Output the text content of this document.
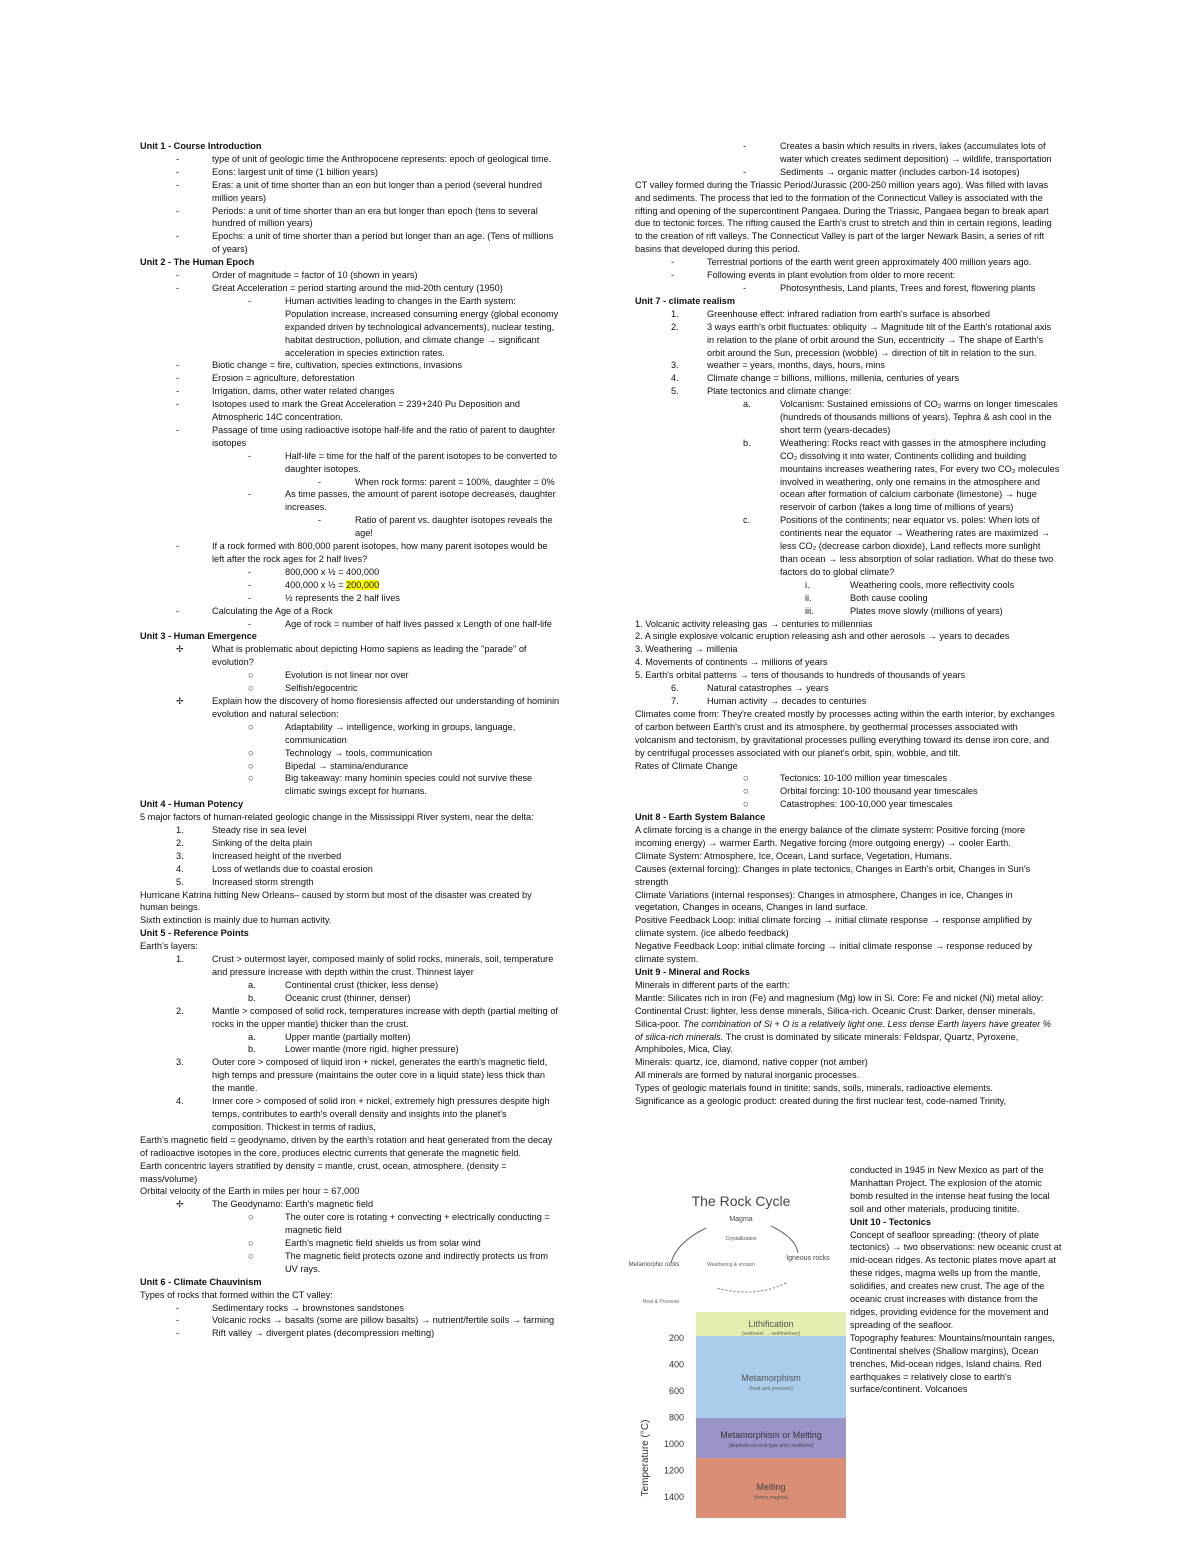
Unit 1 - Course Introduction
-	type of unit of geologic time the Anthropocene represents: epoch of geological time.
-	Eons: largest unit of time (1 billion years)
-	Eras: a unit of time shorter than an eon but longer than a period (several hundred million years)
-	Periods: a unit of time shorter than an era but longer than epoch (tens to several hundred of million years)
-	Epochs: a unit of time shorter than a period but longer than an age. (Tens of millions of years)
Unit 2 - The Human Epoch
-	Order of magnitude = factor of 10 (shown in years)
-	Great Acceleration = period starting around the mid-20th century (1950)
-	Human activities leading to changes in the Earth system: Population increase, increased consuming energy (global economy expanded driven by technological advancements), nuclear testing, habitat destruction, pollution, and climate change → significant acceleration in species extinction rates.
-	Biotic change = fire, cultivation, species extinctions, invasions
-	Erosion = agriculture, deforestation
-	Irrigation, dams, other water related changes
-	Isotopes used to mark the Great Acceleration = 239+240 Pu Deposition and Atmospheric 14C concentration.
-	Passage of time using radioactive isotope half-life and the ratio of parent to daughter isotopes
-	Half-life = time for the half of the parent isotopes to be converted to daughter isotopes.
-	When rock forms: parent = 100%, daughter = 0%
-	As time passes, the amount of parent isotope decreases, daughter increases.
-	Ratio of parent vs. daughter isotopes reveals the age!
-	If a rock formed with 800,000 parent isotopes, how many parent isotopes would be left after the rock ages for 2 half lives?
-	800,000 x ½ = 400,000
-	400,000 x ½ = 200,000
-	½ represents the 2 half lives
-	Calculating the Age of a Rock
-	Age of rock = number of half lives passed x Length of one half-life
Unit 3 - Human Emergence
✢	What is problematic about depicting Homo sapiens as leading the "parade" of evolution?
○	Evolution is not linear nor over
○	Selfish/egocentric
✢	Explain how the discovery of homo floresiensis affected our understanding of hominin evolution and natural selection:
○	Adaptability → intelligence, working in groups, language, communication
○	Technology → tools, communication
○	Bipedal → stamina/endurance
○	Big takeaway: many hominin species could not survive these climatic swings except for humans.
Unit 4 - Human Potency
5 major factors of human-related geologic change in the Mississippi River system, near the delta:
1.	Steady rise in sea level
2.	Sinking of the delta plain
3.	Increased height of the riverbed
4.	Loss of wetlands due to coastal erosion
5.	Increased storm strength
Hurricane Katrina hitting New Orleans– caused by storm but most of the disaster was created by human beings.
Sixth extinction is mainly due to human activity.
Unit 5 - Reference Points
Earth's layers:
1.	Crust > outermost layer, composed mainly of solid rocks, minerals, soil, temperature and pressure increase with depth within the crust. Thinnest layer
a.	Continental crust (thicker, less dense)
b.	Oceanic crust (thinner, denser)
2.	Mantle > composed of solid rock, temperatures increase with depth (partial melting of rocks in the upper mantle) thicker than the crust.
a.	Upper mantle (partially molten)
b.	Lower mantle (more rigid, higher pressure)
3.	Outer core > composed of liquid iron + nickel, generates the earth's magnetic field, high temps and pressure (maintains the outer core in a liquid state) less thick than the mantle.
4.	Inner core > composed of solid iron + nickel, extremely high pressures despite high temps, contributes to earth's overall density and insights into the planet's composition. Thickest in terms of radius,
Earth's magnetic field = geodynamo, driven by the earth's rotation and heat generated from the decay of radioactive isotopes in the core, produces electric currents that generate the magnetic field.
Earth concentric layers stratified by density = mantle, crust, ocean, atmosphere. (density = mass/volume)
Orbital velocity of the Earth in miles per hour = 67,000
✢	The Geodynamo: Earth's magnetic field
○	The outer core is rotating + convecting + electrically conducting = magnetic field
○	Earth's magnetic field shields us from solar wind
○	The magnetic field protects ozone and indirectly protects us from UV rays.
Unit 6 - Climate Chauvinism
Types of rocks that formed within the CT valley:
-	Sedimentary rocks → brownstones sandstones
-	Volcanic rocks → basalts (some are pillow basalts) → nutrient/fertile soils → farming
-	Rift valley → divergent plates (decompression melting)
-	Creates a basin which results in rivers, lakes (accumulates lots of water which creates sediment deposition) → wildlife, transportation
-	Sediments → organic matter (includes carbon-14 isotopes)
CT valley formed during the Triassic Period/Jurassic (200-250 million years ago). Was filled with lavas and sediments. The process that led to the formation of the Connecticut Valley is associated with the rifting and opening of the supercontinent Pangaea. During the Triassic, Pangaea began to break apart due to tectonic forces. The rifting caused the Earth's crust to stretch and thin in certain regions, leading to the creation of rift valleys. The Connecticut Valley is part of the larger Newark Basin, a series of rift basins that developed during this period.
-	Terrestrial portions of the earth went green approximately 400 million years ago.
-	Following events in plant evolution from older to more recent:
-	Photosynthesis, Land plants, Trees and forest, flowering plants
Unit 7 - climate realism
1.	Greenhouse effect: infrared radiation from earth's surface is absorbed
2.	3 ways earth's orbit fluctuates: obliquity → Magnitude tilt of the Earth's rotational axis in relation to the plane of orbit around the Sun, eccentricity → The shape of Earth's orbit around the Sun, precession (wobble) → direction of tilt in relation to the sun.
3.	weather = years, months, days, hours, mins
4.	Climate change = billions, millions, millenia, centuries of years
5.	Plate tectonics and climate change:
a.	Volcanism: Sustained emissions of CO₂ warms on longer timescales (hundreds of thousands millions of years). Tephra & ash cool in the short term (years-decades)
b.	Weathering: Rocks react with gasses in the atmosphere including CO₂ dissolving it into water, Continents colliding and building mountains increases weathering rates, For every two CO₂ molecules involved in weathering, only one remains in the atmosphere and ocean after formation of calcium carbonate (limestone) → huge reservoir of carbon (takes a long time of millions of years)
c.	Positions of the continents; near equator vs. poles: When lots of continents near the equator → Weathering rates are maximized → less CO₂ (decrease carbon dioxide), Land reflects more sunlight than ocean → less absorption of solar radiation. What do these two factors do to global climate?
i.	Weathering cools, more reflectivity cools
ii.	Both cause cooling
iii.	Plates move slowly (millions of years)
1. Volcanic activity releasing gas → centuries to millennias
2. A single explosive volcanic eruption releasing ash and other aerosols → years to decades
3. Weathering → millenia
4. Movements of continents → millions of years
5. Earth's orbital patterns → tens of thousands to hundreds of thousands of years
6.	Natural catastrophes → years
7.	Human activity → decades to centuries
Climates come from: They're created mostly by processes acting within the earth interior, by exchanges of carbon between Earth's crust and its atmosphere, by geothermal processes associated with volcanism and tectonism, by gravitational processes pulling everything toward its dense iron core, and by centrifugal processes associated with our planet's orbit, spin, wobble, and tilt.
Rates of Climate Change
○	Tectonics: 10-100 million year timescales
○	Orbital forcing: 10-100 thousand year timescales
○	Catastrophes: 100-10,000 year timescales
Unit 8 - Earth System Balance
A climate forcing is a change in the energy balance of the climate system: Positive forcing (more incoming energy) → warmer Earth. Negative forcing (more outgoing energy) → cooler Earth.
Climate System: Atmosphere, Ice, Ocean, Land surface, Vegetation, Humans.
Causes (external forcing): Changes in plate tectonics, Changes in Earth's orbit, Changes in Sun's strength
Climate Variations (internal responses): Changes in atmosphere, Changes in ice, Changes in vegetation, Changes in oceans, Changes in land surface.
Positive Feedback Loop: initial climate forcing → initial climate response → response amplified by climate system. (ice albedo feedback)
Negative Feedback Loop: initial climate forcing → initial climate response → response reduced by climate system.
Unit 9 - Mineral and Rocks
Minerals in different parts of the earth:
Mantle: Silicates rich in iron (Fe) and magnesium (Mg) low in Si. Core: Fe and nickel (Ni) metal alloy: Continental Crust: lighter, less dense minerals, Silica-rich. Oceanic Crust: Darker, denser minerals, Silica-poor. The combination of Si + O is a relatively light one. Less dense Earth layers have greater % of silica-rich minerals. The crust is dominated by silicate minerals: Feldspar, Quartz, Pyroxene, Amphiboles, Mica, Clay.
Minerals: quartz, ice, diamond, native copper (not amber)
All minerals are formed by natural inorganic processes.
Types of geologic materials found in tinitite: sands, soils, minerals, radioactive elements.
Significance as a geologic product: created during the first nuclear test, code-named Trinity,
conducted in 1945 in New Mexico as part of the Manhattan Project. The explosion of the atomic bomb resulted in the intense heat fusing the local soil and other materials, producing tinitite.
Unit 10 - Tectonics
Concept of seafloor spreading: (theory of plate tectonics) → two observations: new oceanic crust at mid-ocean ridges. As tectonic plates move apart at these ridges, magma wells up from the mantle, solidifies, and creates new crust. The age of the oceanic crust increases with distance from the ridges, providing evidence for the movement and spreading of the seafloor.
Topography features: Mountains/mountain ranges, Continental shelves (Shallow margins), Ocean trenches, Mid-ocean ridges, Island chains. Red earthquakes = relatively close to earth's surface/continent. Volcanoes
The Rock Cycle
Magma
Crystallization
Igneous rocks
Metamorphic rocks	Weathering & erosion
Heat & Pressure
Lithification
(sediment → sedimentary)
Metamorphism
(heat and pressure)
Metamorphism or Melting
(depends on rock type and conditions)
Melting
(forms magma)
200
400
600
800
1000
1200
1400
Temperature (°C)
